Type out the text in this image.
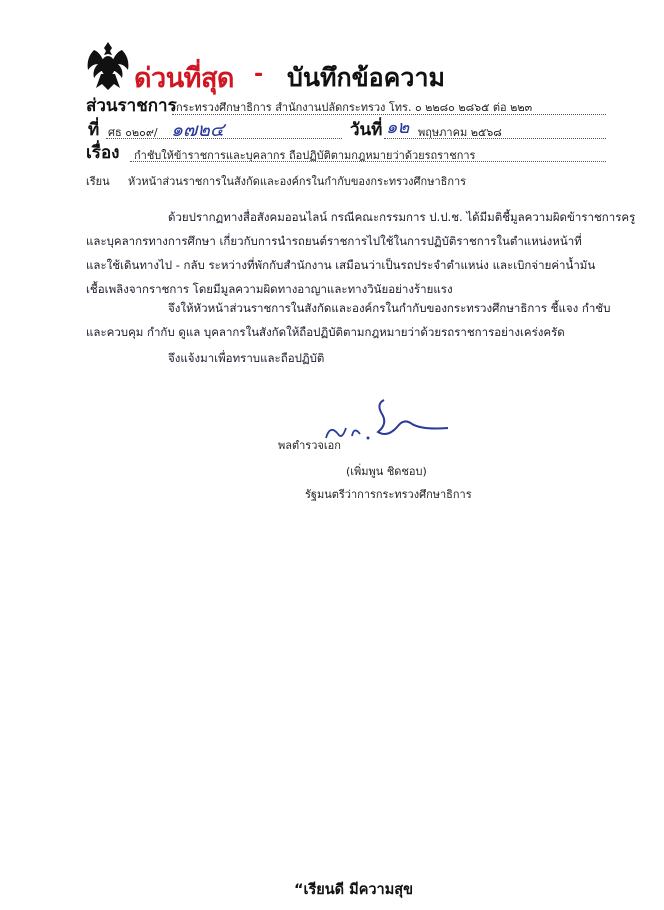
ด่วนที่สุด - บันทึกข้อความ
ส่วนราชการ กระทรวงศึกษาธิการ สำนักงานปลัดกระทรวง โทร. ๐ ๒๒๘๐ ๒๘๖๕ ต่อ ๒๒๓
ที่ ศธ ๐๒๐๙/ ๑๗๒๔	วันที่ ๑๒ พฤษภาคม ๒๕๖๘
เรื่อง กำชับให้ข้าราชการและบุคลากร ถือปฏิบัติตามกฎหมายว่าด้วยรถราชการ
เรียน หัวหน้าส่วนราชการในสังกัดและองค์กรในกำกับของกระทรวงศึกษาธิการ
ด้วยปรากฏทางสื่อสังคมออนไลน์ กรณีคณะกรรมการ ป.ป.ช. ได้มีมติชี้มูลความผิดข้าราชการครู
และบุคลากรทางการศึกษา เกี่ยวกับการนำรถยนต์ราชการไปใช้ในการปฏิบัติราชการในตำแหน่งหน้าที่
และใช้เดินทางไป - กลับ ระหว่างที่พักกับสำนักงาน เสมือนว่าเป็นรถประจำตำแหน่ง และเบิกจ่ายค่าน้ำมัน
เชื้อเพลิงจากราชการ โดยมีมูลความผิดทางอาญาและทางวินัยอย่างร้ายแรง
จึงให้หัวหน้าส่วนราชการในสังกัดและองค์กรในกำกับของกระทรวงศึกษาธิการ ชี้แจง กำชับ
และควบคุม กำกับ ดูแล บุคลากรในสังกัดให้ถือปฏิบัติตามกฎหมายว่าด้วยรถราชการอย่างเคร่งครัด
จึงแจ้งมาเพื่อทราบและถือปฏิบัติ
พลตำรวจเอก
(เพิ่มพูน ชิดชอบ)
รัฐมนตรีว่าการกระทรวงศึกษาธิการ
“เรียนดี มีความสุข
